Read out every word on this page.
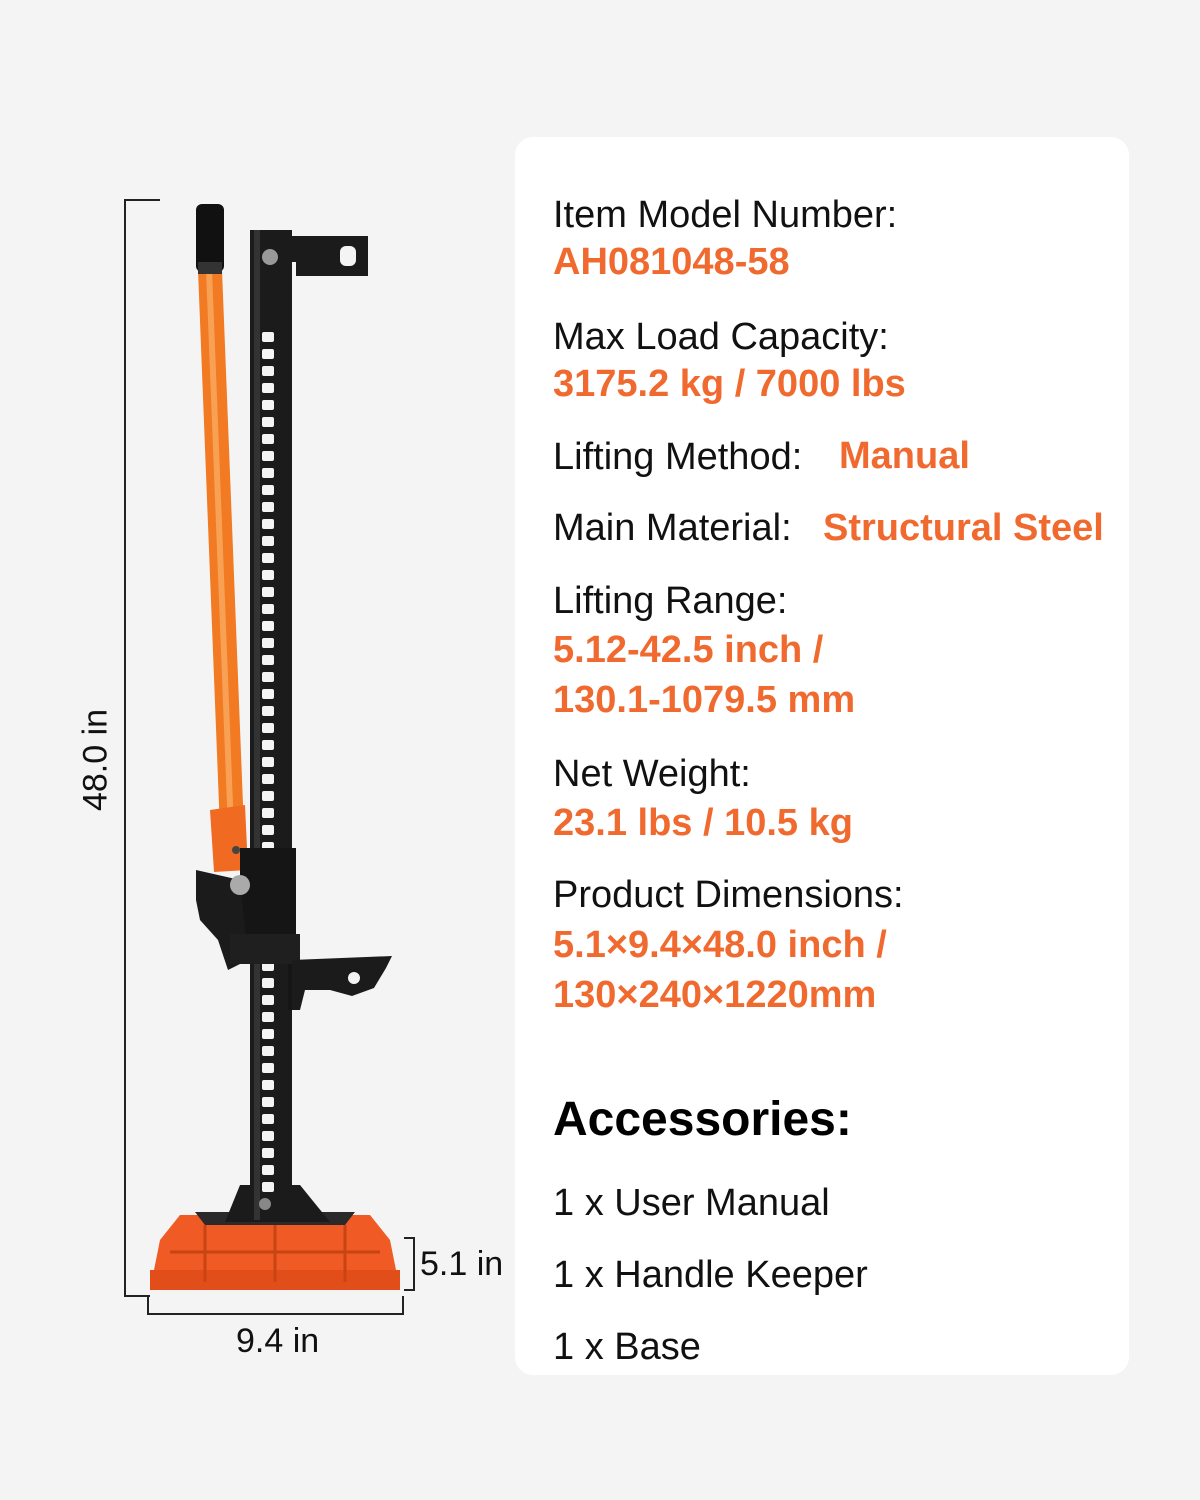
48.0 in
9.4 in
5.1 in
Item Model Number:
AH081048-58
Max Load Capacity:
3175.2 kg / 7000 lbs
Lifting Method: Manual
Main Material: Structural Steel
Lifting Range:
5.12-42.5 inch /
130.1-1079.5 mm
Net Weight:
23.1 lbs / 10.5 kg
Product Dimensions:
5.1×9.4×48.0 inch /
130×240×1220mm
Accessories:
1 x User Manual
1 x Handle Keeper
1 x Base
